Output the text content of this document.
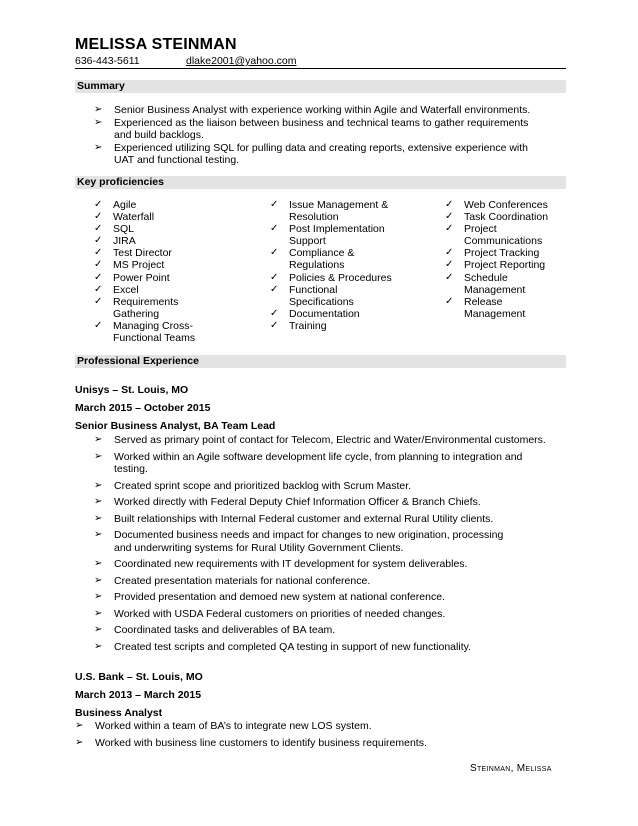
MELISSA STEINMAN
636-443-5611	dlake2001@yahoo.com
Summary
➢ Senior Business Analyst with experience working within Agile and Waterfall environments.
➢ Experienced as the liaison between business and technical teams to gather requirements and build backlogs.
➢ Experienced utilizing SQL for pulling data and creating reports, extensive experience with UAT and functional testing.
Key proficiencies
✓ Agile
✓ Waterfall
✓ SQL
✓ JIRA
✓ Test Director
✓ MS Project
✓ Power Point
✓ Excel
✓ Requirements Gathering
✓ Managing Cross-Functional Teams
✓ Issue Management & Resolution
✓ Post Implementation Support
✓ Compliance & Regulations
✓ Policies & Procedures
✓ Functional Specifications
✓ Documentation
✓ Training
✓ Web Conferences
✓ Task Coordination
✓ Project Communications
✓ Project Tracking
✓ Project Reporting
✓ Schedule Management
✓ Release Management
Professional Experience
Unisys – St. Louis, MO
March 2015 – October 2015
Senior Business Analyst, BA Team Lead
➢ Served as primary point of contact for Telecom, Electric and Water/Environmental customers.
➢ Worked within an Agile software development life cycle, from planning to integration and testing.
➢ Created sprint scope and prioritized backlog with Scrum Master.
➢ Worked directly with Federal Deputy Chief Information Officer & Branch Chiefs.
➢ Built relationships with Internal Federal customer and external Rural Utility clients.
➢ Documented business needs and impact for changes to new origination, processing and underwriting systems for Rural Utility Government Clients.
➢ Coordinated new requirements with IT development for system deliverables.
➢ Created presentation materials for national conference.
➢ Provided presentation and demoed new system at national conference.
➢ Worked with USDA Federal customers on priorities of needed changes.
➢ Coordinated tasks and deliverables of BA team.
➢ Created test scripts and completed QA testing in support of new functionality.
U.S. Bank – St. Louis, MO
March 2013 – March 2015
Business Analyst
➢ Worked within a team of BA’s to integrate new LOS system.
➢ Worked with business line customers to identify business requirements.
Steinman, Melissa
